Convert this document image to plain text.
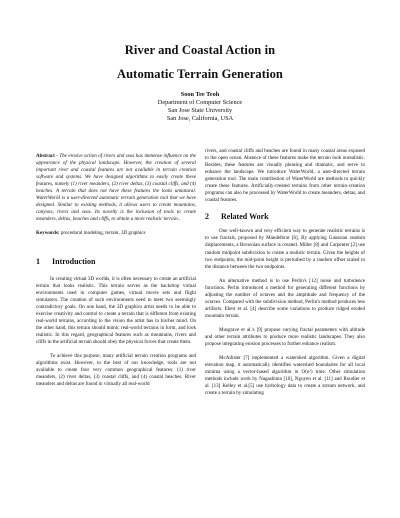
River and Coastal Action in
Automatic Terrain Generation
Soon Tee Teoh
Department of Computer Science
San Jose State University
San Jose, California, USA

Abstract - The erosive action of rivers and seas has immense influence on the appearance of the physical landscape. However, the creation of several important river and coastal features are not available in terrain creation software and systems. We have designed algorithms to easily create these features, namely (1) river meanders, (2) river deltas, (3) coastal cliffs, and (4) beaches. A terrain that does not have these features the looks unnatural. WaterWorld is a user-directed automatic terrain generation tool that we have designed. Similar to existing methods, it allows users to create mountains, canyons, rivers and seas. Its novelty is the inclusion of tools to create meanders, deltas, beaches and cliffs, to obtain a more realistic terrain..

Keywords: procedural modeling, terrain, 3D graphics

1 Introduction

In creating virtual 3D worlds, it is often necessary to create an artificial terrain that looks realistic. This terrain serves as the backdrop virtual environments used in computer games, virtual movie sets and flight simulators. The creation of such environments need to meet two seemingly contradictory goals. On one hand, the 3D graphics artist needs to be able to exercise creativity and control to create a terrain that is different from existing real-world terrains, according to the vision the artist has in his/her mind. On the other hand, this terrain should mimic real-world terrains in form, and look realistic. In this regard, geographical features such as mountains, rivers and cliffs in the artificial terrain should obey the physical forces that create them.

To achieve this purpose, many artificial terrain creation programs and algorithms exist. However, to the best of our knowledge, tools are not available to create four very common geographical features: (1) river meanders, (2) river deltas, (3) coastal cliffs, and (4) coastal beaches. River meanders and deltas are found in virtually all real-world

rivers, and coastal cliffs and beaches are found in many coastal areas exposed to the open ocean. Absence of these features make the terrain look unrealistic. Besides, these features are visually pleasing and dramatic, and serve to enhance the landscape. We introduce WaterWorld, a user-directed terrain generation tool. The main contribution of WaterWorld are methods to quickly create these features. Artificially-created terrains from other terrain-creation programs can also be processed by WaterWorld to create meanders, deltas, and coastal features.

2 Related Work

One well-known and very efficient way to generate realistic terrains is to use fractals, proposed by Mandelbrot [6]. By applying Gaussian random displacements, a Brownian surface is created. Miller [8] and Carpenter [2] use random midpoint subdivision to create a realistic terrain. Given the heights of two endpoints, the mid-point height is perturbed by a random offset scaled to the distance between the two endpoints.

An alternative method is to use Perlin's [12] noise and turbulence functions. Perlin introduced a method for generating different functions by adjusting the number of octaves and the amplitude and frequency of the octaves. Compared with the subdivision method, Perlin's method produces less artifacts. Ebert et al. [4] describe some variations to produce ridged eroded mountain terrain.

Musgrave et al.'s [9] propose varying fractal parameters with altitude and other terrain attributes to produce more realistic landscapes. They also propose integrating erosion processes to further enhance realism.

McAllister [7] implemented a watershed algorithm. Given a digital elevation map, it automatically identifies watershed boundaries for all local minima using a vector-based algorithm in O(n²) time. Other simulation methods include work by Nagashima [10], Nguyen et al. [11] and Roudier et al. [13] Kelley et al.[5] use hydrology data to create a stream network, and create a terrain by simulating
